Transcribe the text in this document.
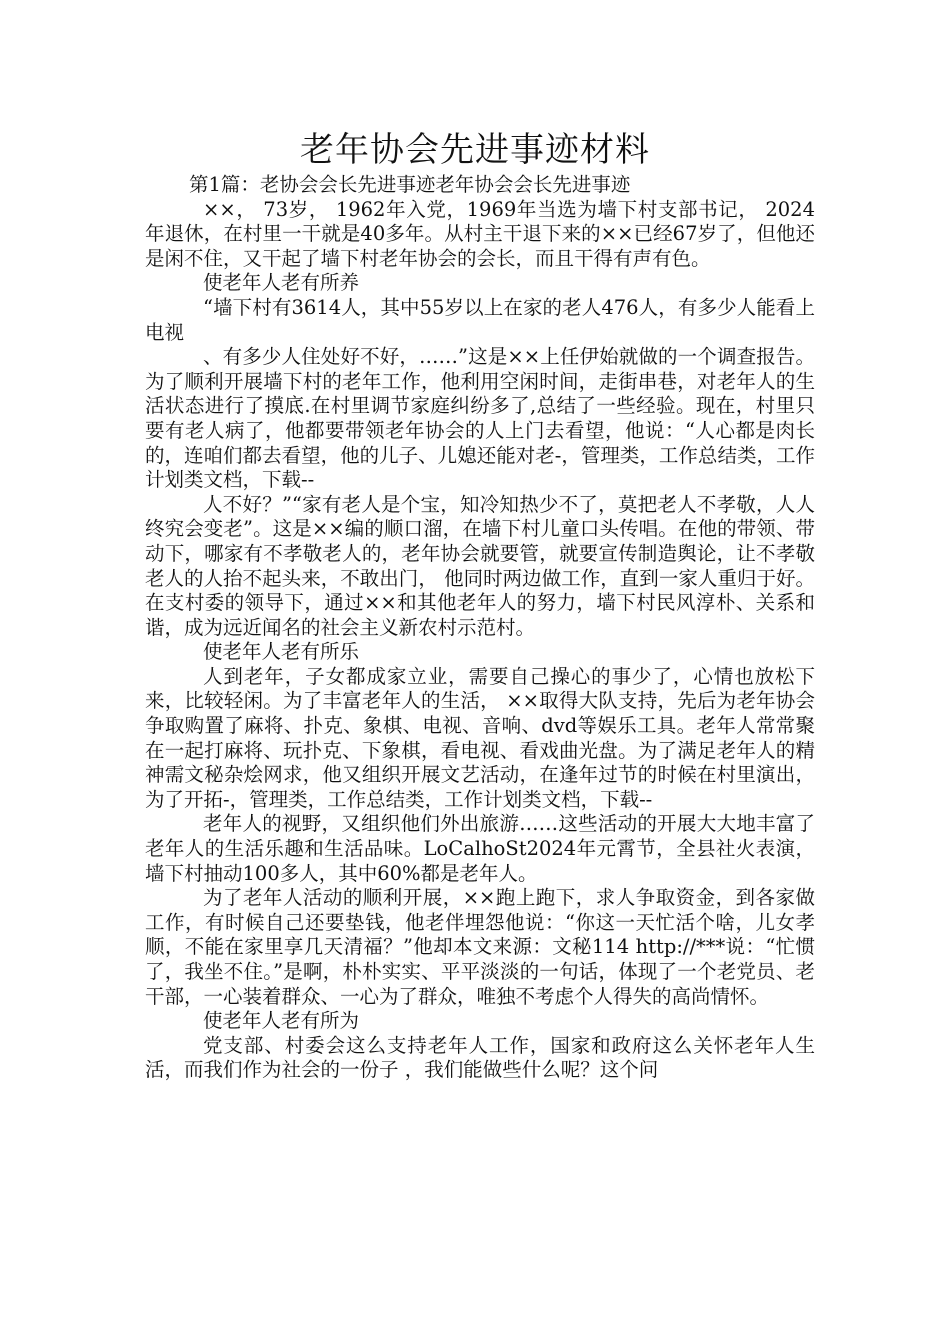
老年协会先进事迹材料

第1篇：老协会会长先进事迹老年协会会长先进事迹

××， 73岁， 1962年入党，1969年当选为墙下村支部书记， 2024年退休，在村里一干就是40多年。从村主干退下来的××已经67岁了，但他还是闲不住，又干起了墙下村老年协会的会长，而且干得有声有色。

使老年人老有所养

“墙下村有3614人，其中55岁以上在家的老人476人，有多少人能看上电视

、有多少人住处好不好，……”这是××上任伊始就做的一个调查报告。为了顺利开展墙下村的老年工作，他利用空闲时间，走街串巷，对老年人的生活状态进行了摸底.在村里调节家庭纠纷多了,总结了一些经验。现在，村里只要有老人病了，他都要带领老年协会的人上门去看望，他说：“人心都是肉长的，连咱们都去看望，他的儿子、儿媳还能对老-，管理类，工作总结类，工作计划类文档，下载--

人不好？”“家有老人是个宝，知冷知热少不了，莫把老人不孝敬，人人终究会变老”。这是××编的顺口溜，在墙下村儿童口头传唱。在他的带领、带动下，哪家有不孝敬老人的，老年协会就要管，就要宣传制造舆论，让不孝敬老人的人抬不起头来，不敢出门， 他同时两边做工作，直到一家人重归于好。在支村委的领导下，通过××和其他老年人的努力，墙下村民风淳朴、关系和谐，成为远近闻名的社会主义新农村示范村。

使老年人老有所乐

人到老年，子女都成家立业，需要自己操心的事少了，心情也放松下来，比较轻闲。为了丰富老年人的生活， ××取得大队支持，先后为老年协会争取购置了麻将、扑克、象棋、电视、音响、dvd等娱乐工具。老年人常常聚在一起打麻将、玩扑克、下象棋，看电视、看戏曲光盘。为了满足老年人的精神需文秘杂烩网求，他又组织开展文艺活动，在逢年过节的时候在村里演出，为了开拓-，管理类，工作总结类，工作计划类文档，下载--

老年人的视野，又组织他们外出旅游……这些活动的开展大大地丰富了老年人的生活乐趣和生活品味。LoCalhoSt2024年元霄节，全县社火表演，墙下村抽动100多人，其中60%都是老年人。

为了老年人活动的顺利开展，××跑上跑下，求人争取资金，到各家做工作，有时候自己还要垫钱，他老伴埋怨他说：“你这一天忙活个啥，儿女孝顺，不能在家里享几天清福？”他却本文来源：文秘114 http://***说：“忙惯了，我坐不住。”是啊，朴朴实实、平平淡淡的一句话，体现了一个老党员、老干部，一心装着群众、一心为了群众，唯独不考虑个人得失的高尚情怀。

使老年人老有所为

党支部、村委会这么支持老年人工作，国家和政府这么关怀老年人生活，而我们作为社会的一份子 ，我们能做些什么呢？这个问
